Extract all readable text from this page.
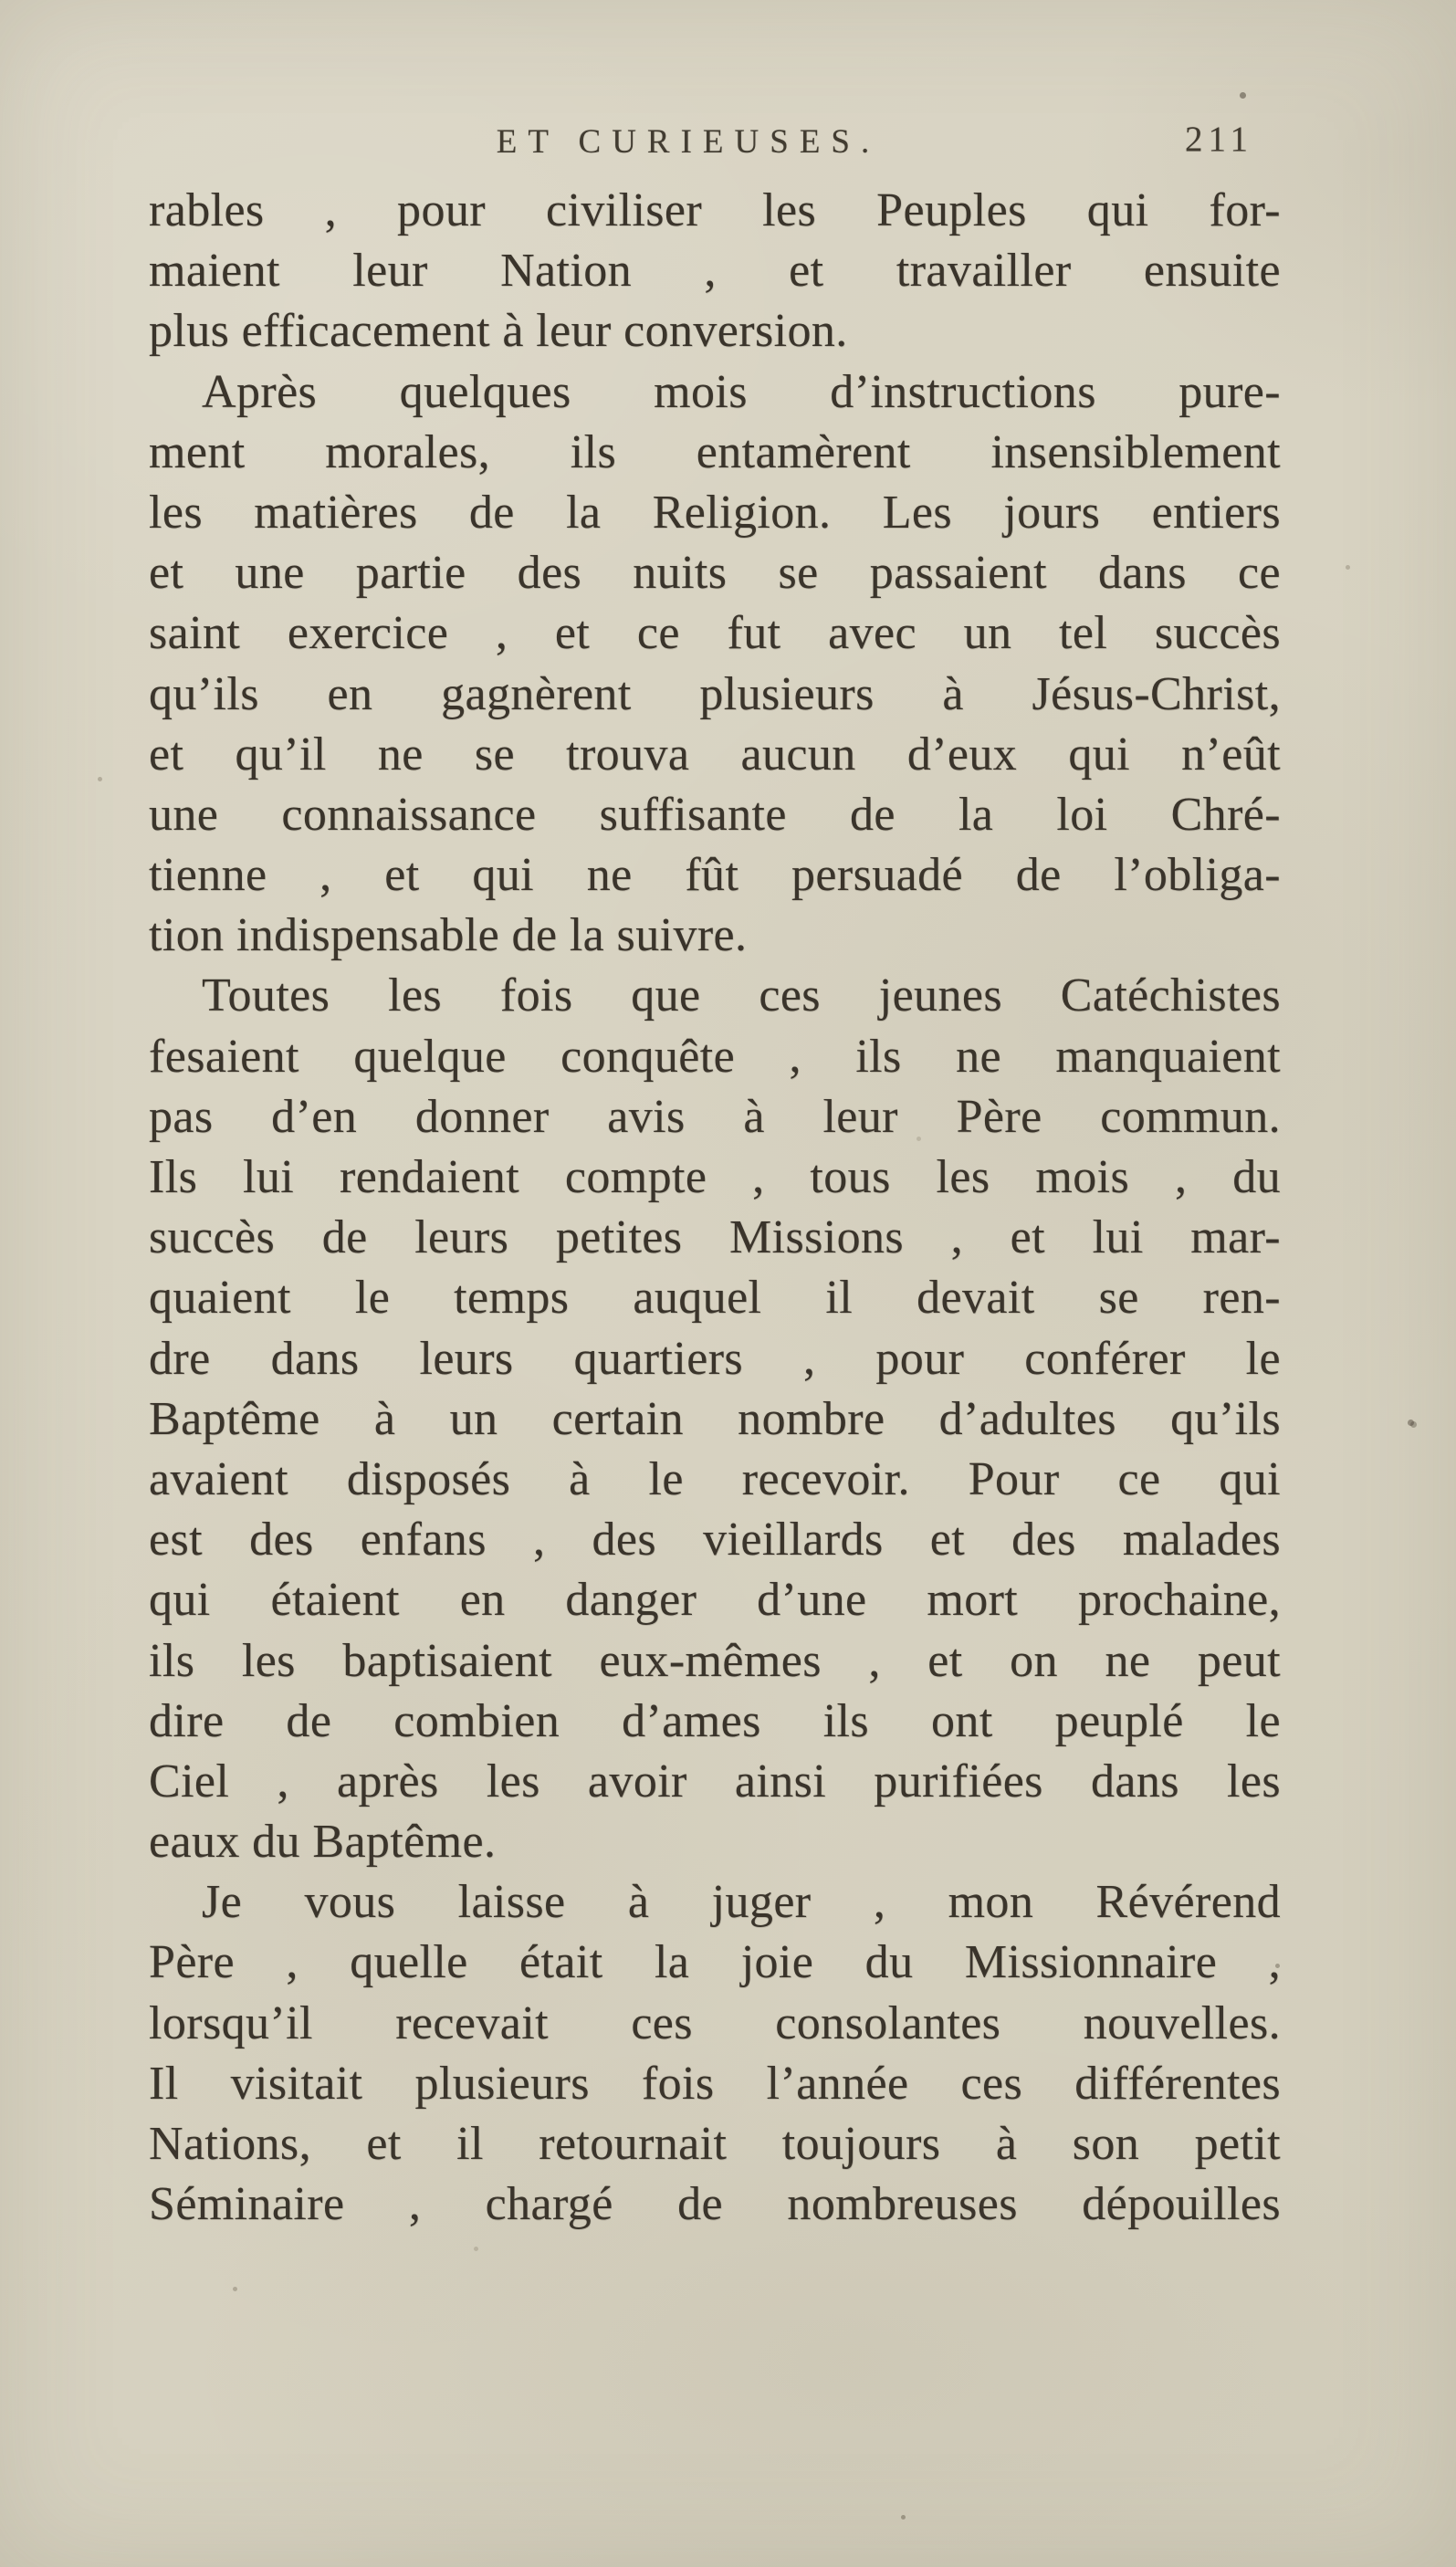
ET CURIEUSES.	211
rables , pour civiliser les Peuples qui for-
maient leur Nation , et travailler ensuite
plus efficacement à leur conversion.
Après quelques mois d’instructions pure-
ment morales, ils entamèrent insensiblement
les matières de la Religion. Les jours entiers
et une partie des nuits se passaient dans ce
saint exercice , et ce fut avec un tel succès
qu’ils en gagnèrent plusieurs à Jésus-Christ,
et qu’il ne se trouva aucun d’eux qui n’eût
une connaissance suffisante de la loi Chré-
tienne , et qui ne fût persuadé de l’obliga-
tion indispensable de la suivre.
Toutes les fois que ces jeunes Catéchistes
fesaient quelque conquête , ils ne manquaient
pas d’en donner avis à leur Père commun.
Ils lui rendaient compte , tous les mois , du
succès de leurs petites Missions , et lui mar-
quaient le temps auquel il devait se ren-
dre dans leurs quartiers , pour conférer le
Baptême à un certain nombre d’adultes qu’ils
avaient disposés à le recevoir. Pour ce qui
est des enfans , des vieillards et des malades
qui étaient en danger d’une mort prochaine,
ils les baptisaient eux-mêmes , et on ne peut
dire de combien d’ames ils ont peuplé le
Ciel , après les avoir ainsi purifiées dans les
eaux du Baptême.
Je vous laisse à juger , mon Révérend
Père , quelle était la joie du Missionnaire ,
lorsqu’il recevait ces consolantes nouvelles.
Il visitait plusieurs fois l’année ces différentes
Nations, et il retournait toujours à son petit
Séminaire , chargé de nombreuses dépouilles
